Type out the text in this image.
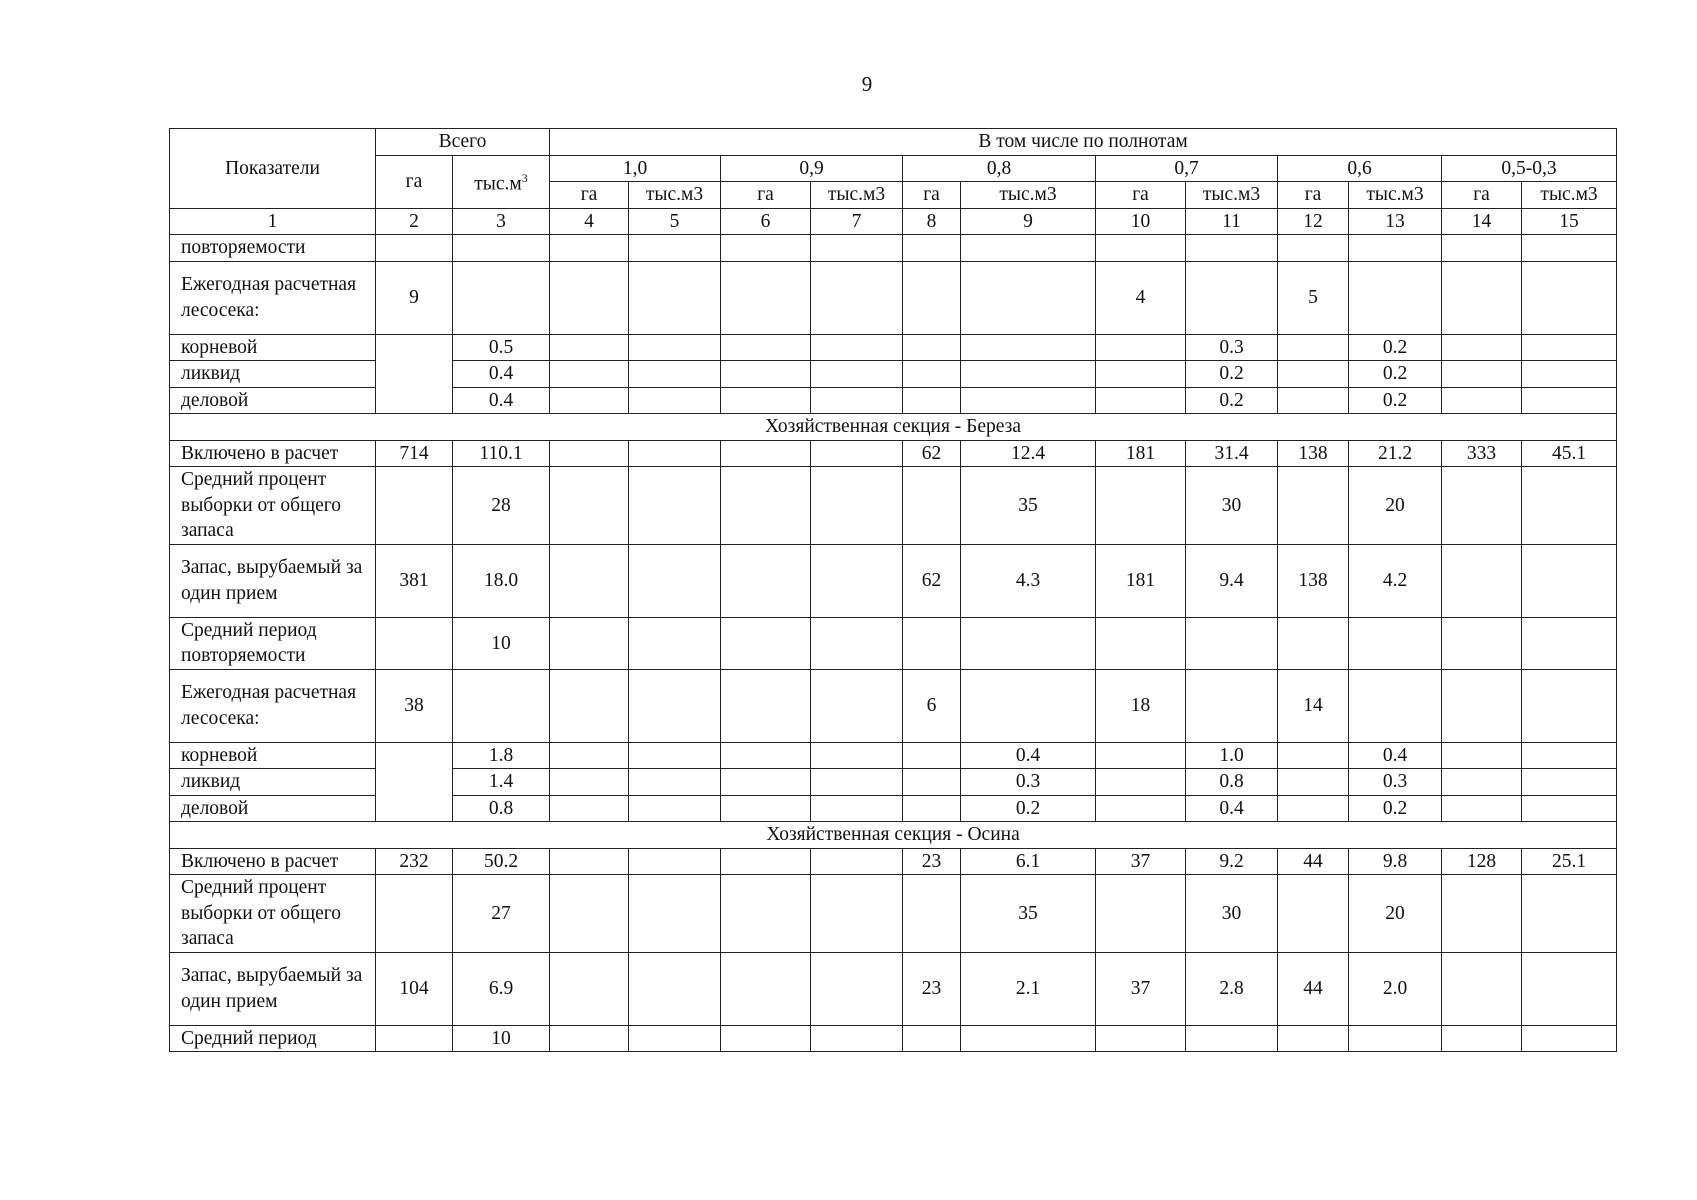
9
Показатели	Всего		В том числе по полнотам											
	га	$тыс.м^3$	1,0		0,9		0,8		0,7		0,6		0,5-0,3	
			га	тыс.м3	га	тыс.м3	га	тыс.м3	га	тыс.м3	га	тыс.м3	га	тыс.м3
1	2	3	4	5	6	7	8	9	10	11	12	13	14	15
повторяемости														
Ежегодная расчетная лесосека:	9								4		5			
корневой		0.5								0.3		0.2		
ликвид		0.4								0.2		0.2		
деловой		0.4								0.2		0.2		
Хозяйственная секция - Береза														
Включено в расчет	714	110.1					62	12.4	181	31.4	138	21.2	333	45.1
Средний процент выборки от общего запаса		28						35		30		20		
Запас, вырубаемый за один прием	381	18.0					62	4.3	181	9.4	138	4.2		
Средний период повторяемости		10												
Ежегодная расчетная лесосека:	38						6		18		14			
корневой		1.8						0.4		1.0		0.4		
ликвид		1.4						0.3		0.8		0.3		
деловой		0.8						0.2		0.4		0.2		
Хозяйственная секция - Осина														
Включено в расчет	232	50.2					23	6.1	37	9.2	44	9.8	128	25.1
Средний процент выборки от общего запаса		27						35		30		20		
Запас, вырубаемый за один прием	104	6.9					23	2.1	37	2.8	44	2.0		
Средний период		10												
